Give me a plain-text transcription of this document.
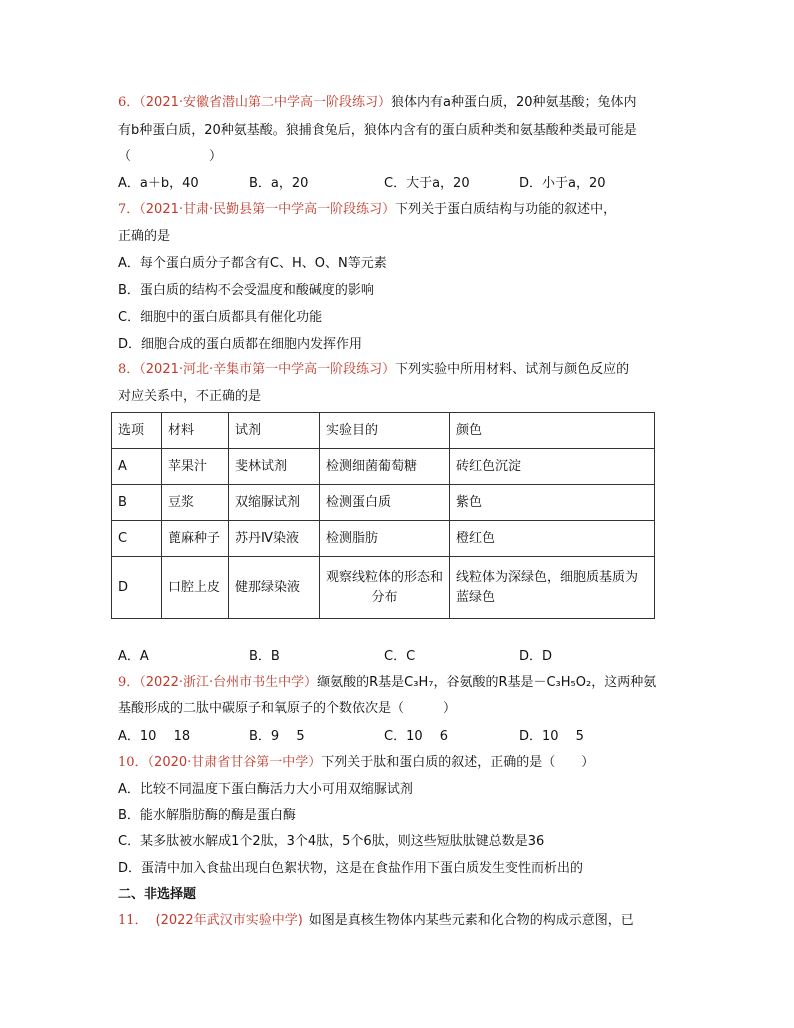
6．（2021·安徽省潜山第二中学高一阶段练习）狼体内有a种蛋白质，20种氨基酸；兔体内
有b种蛋白质，20种氨基酸。狼捕食兔后，狼体内含有的蛋白质种类和氨基酸种类最可能是
（　　　　　　）
A．a＋b，40	B．a，20	C．大于a，20	D．小于a，20
7．（2021·甘肃·民勤县第一中学高一阶段练习）下列关于蛋白质结构与功能的叙述中，
正确的是
A．每个蛋白质分子都含有C、H、O、N等元素
B．蛋白质的结构不会受温度和酸碱度的影响
C．细胞中的蛋白质都具有催化功能
D．细胞合成的蛋白质都在细胞内发挥作用
8．（2021·河北·辛集市第一中学高一阶段练习）下列实验中所用材料、试剂与颜色反应的
对应关系中，不正确的是
选项	材料	试剂	实验目的	颜色
A	苹果汁	斐林试剂	检测细菌葡萄糖	砖红色沉淀
B	豆浆	双缩脲试剂	检测蛋白质	紫色
C	蓖麻种子	苏丹Ⅳ染液	检测脂肪	橙红色
D	口腔上皮	健那绿染液	观察线粒体的形态和分布	线粒体为深绿色，细胞质基质为蓝绿色
A．A	B．B	C．C	D．D
9．（2022·浙江·台州市书生中学）缬氨酸的R基是C₃H₇，谷氨酸的R基是－C₃H₅O₂，这两种氨
基酸形成的二肽中碳原子和氧原子的个数依次是（　　　）
A．10　 18	B．9　 5	C．10　 6	D．10　 5
10．（2020·甘肃省甘谷第一中学）下列关于肽和蛋白质的叙述，正确的是（　　）
A．比较不同温度下蛋白酶活力大小可用双缩脲试剂
B．能水解脂肪酶的酶是蛋白酶
C．某多肽被水解成1个2肽，3个4肽，5个6肽，则这些短肽肽键总数是36
D．蛋清中加入食盐出现白色絮状物，这是在食盐作用下蛋白质发生变性而析出的
二、非选择题
11． (2022年武汉市实验中学) 如图是真核生物体内某些元素和化合物的构成示意图，已
